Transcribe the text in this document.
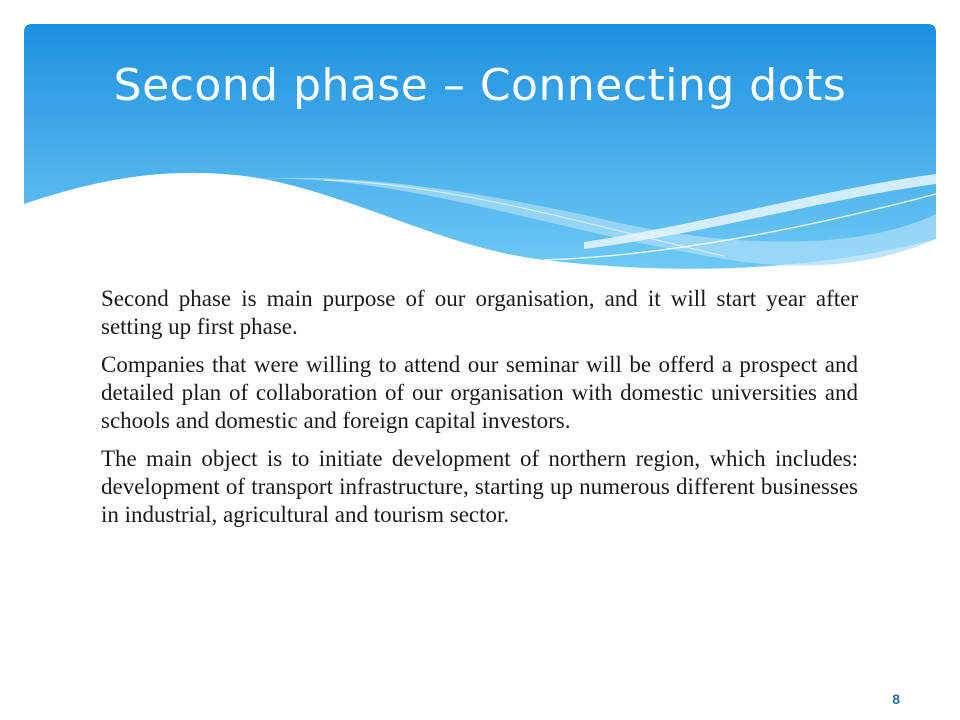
Second phase – Connecting dots
Second phase is main purpose of our organisation, and it will start year after setting up first phase.
Companies that were willing to attend our seminar will be offerd a prospect and detailed plan of collaboration of our organisation with domestic universities and schools and domestic and foreign capital investors.
The main object is to initiate development of northern region, which includes: development of transport infrastructure, starting up numerous different businesses in industrial, agricultural and tourism sector.
8
